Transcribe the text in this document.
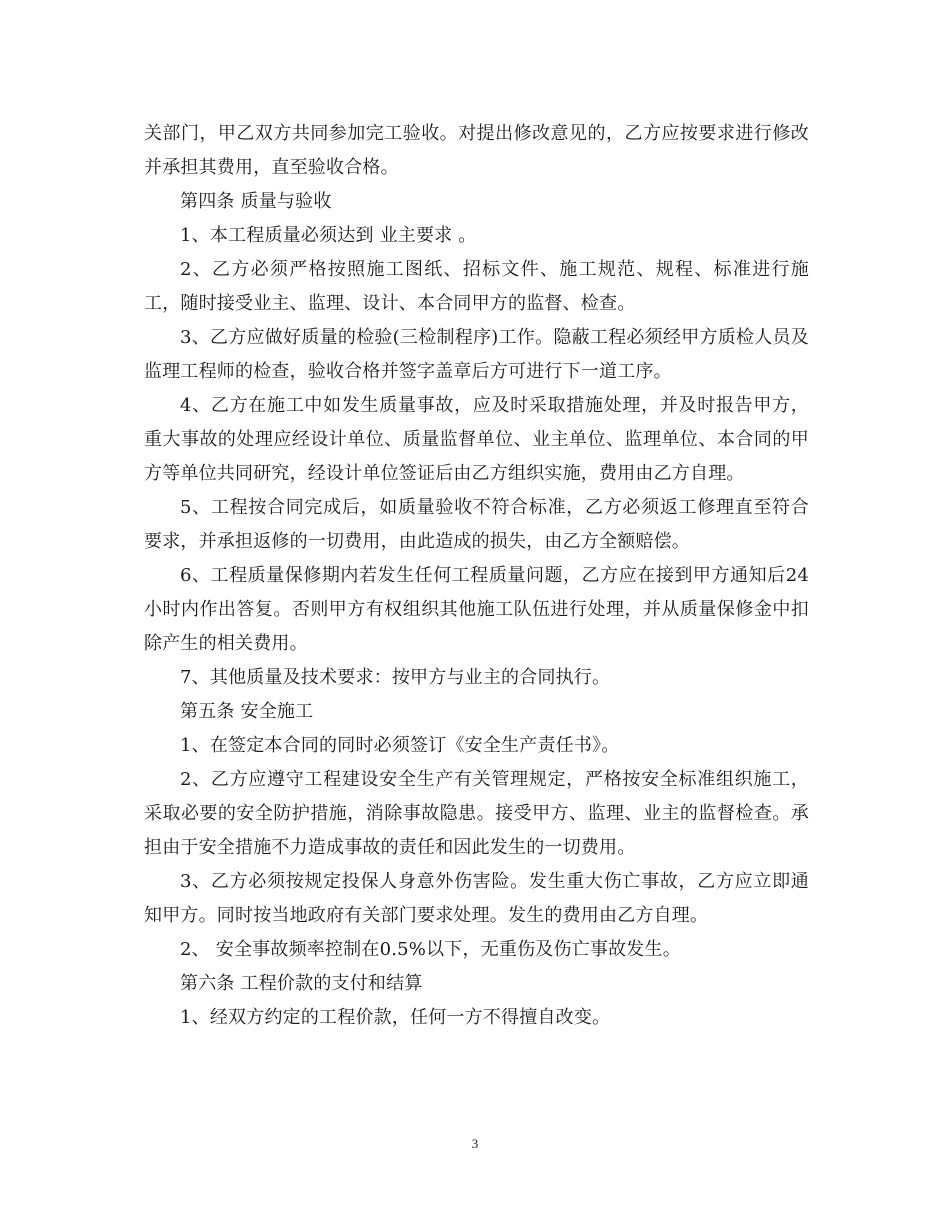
关部门，甲乙双方共同参加完工验收。对提出修改意见的，乙方应按要求进行修改并承担其费用，直至验收合格。

第四条 质量与验收

1、本工程质量必须达到 业主要求 。

2、乙方必须严格按照施工图纸、招标文件、施工规范、规程、标准进行施工，随时接受业主、监理、设计、本合同甲方的监督、检查。

3、乙方应做好质量的检验(三检制程序)工作。隐蔽工程必须经甲方质检人员及监理工程师的检查，验收合格并签字盖章后方可进行下一道工序。

4、乙方在施工中如发生质量事故，应及时采取措施处理，并及时报告甲方，重大事故的处理应经设计单位、质量监督单位、业主单位、监理单位、本合同的甲方等单位共同研究，经设计单位签证后由乙方组织实施，费用由乙方自理。

5、工程按合同完成后，如质量验收不符合标准，乙方必须返工修理直至符合要求，并承担返修的一切费用，由此造成的损失，由乙方全额赔偿。

6、工程质量保修期内若发生任何工程质量问题，乙方应在接到甲方通知后24小时内作出答复。否则甲方有权组织其他施工队伍进行处理，并从质量保修金中扣除产生的相关费用。

7、其他质量及技术要求：按甲方与业主的合同执行。

第五条 安全施工

1、在签定本合同的同时必须签订《安全生产责任书》。

2、乙方应遵守工程建设安全生产有关管理规定，严格按安全标准组织施工，采取必要的安全防护措施，消除事故隐患。接受甲方、监理、业主的监督检查。承担由于安全措施不力造成事故的责任和因此发生的一切费用。

3、乙方必须按规定投保人身意外伤害险。发生重大伤亡事故，乙方应立即通知甲方。同时按当地政府有关部门要求处理。发生的费用由乙方自理。

2、 安全事故频率控制在0.5%以下，无重伤及伤亡事故发生。

第六条 工程价款的支付和结算

1、经双方约定的工程价款，任何一方不得擅自改变。

3
